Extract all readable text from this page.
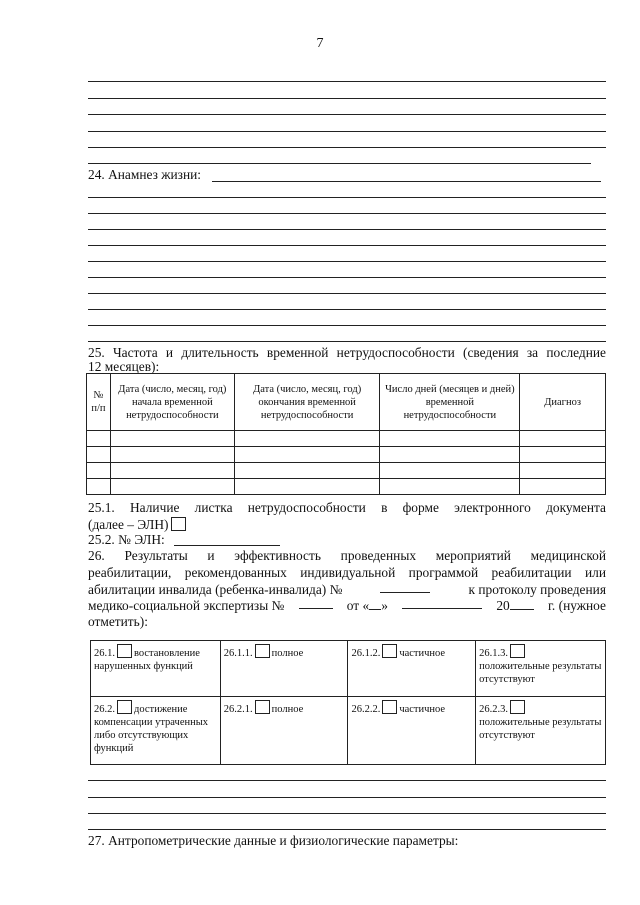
7
24. Анамнез жизни:
25. Частота и длительность временной нетрудоспособности (сведения за последние
12 месяцев):
№ п/п	Дата (число, месяц, год) начала временной нетрудоспособности	Дата (число, месяц, год) окончания временной нетрудоспособности	Число дней (месяцев и дней) временной нетрудоспособности	Диагноз

25.1. Наличие листка нетрудоспособности в форме электронного документа
(далее – ЭЛН)
25.2. № ЭЛН:
26. Результаты и эффективность проведенных мероприятий медицинской
реабилитации, рекомендованных индивидуальной программой реабилитации или
абилитации инвалида (ребенка-инвалида) №	к протоколу проведения
медико-социальной экспертизы №	от « »	20	г. (нужное
отметить):
26.1. востановление нарушенных функций	26.1.1. полное	26.1.2. частичное	26.1.3.
положительные результаты отсутствуют
26.2. достижение компенсации утраченных либо отсутствующих функций	26.2.1. полное	26.2.2. частичное	26.2.3.
положительные результаты отсутствуют
27. Антропометрические данные и физиологические параметры:
